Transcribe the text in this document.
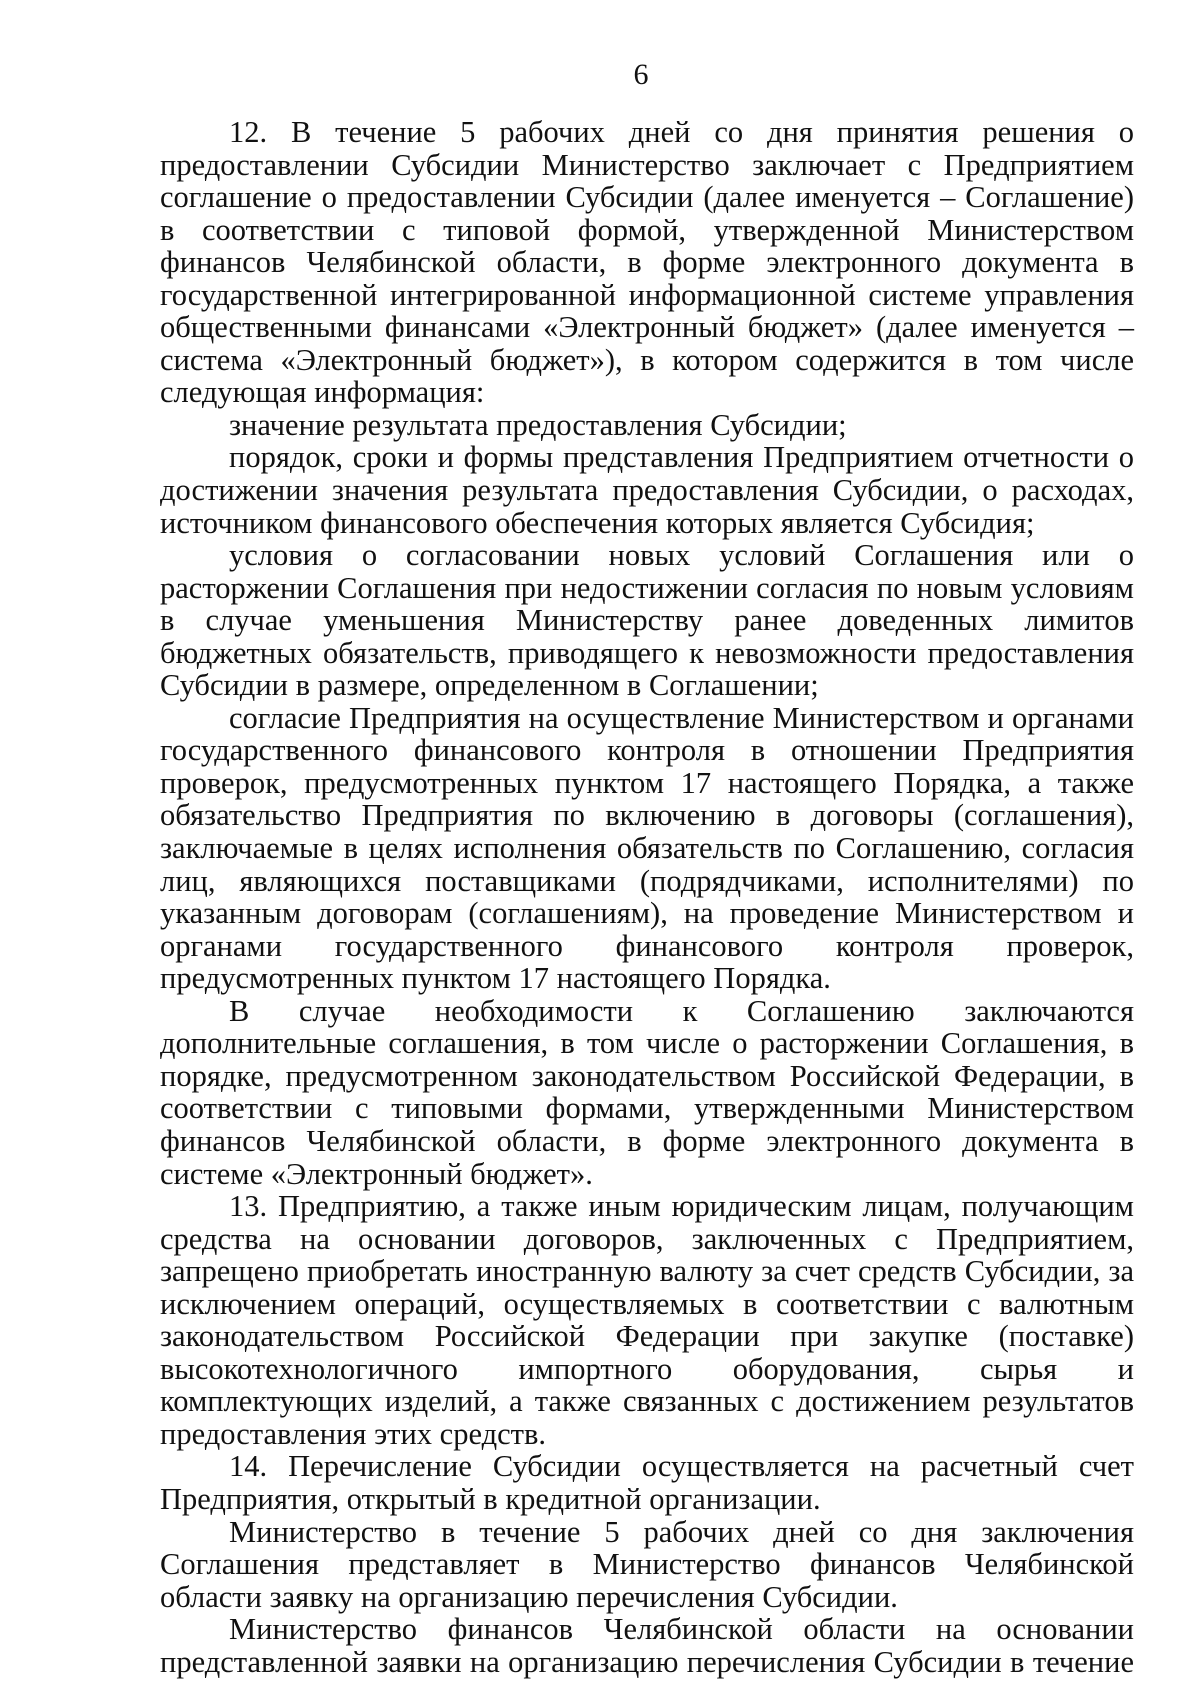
6

12. В течение 5 рабочих дней со дня принятия решения о предоставлении Субсидии Министерство заключает с Предприятием соглашение о предоставлении Субсидии (далее именуется – Соглашение) в соответствии с типовой формой, утвержденной Министерством финансов Челябинской области, в форме электронного документа в государственной интегрированной информационной системе управления общественными финансами «Электронный бюджет» (далее именуется – система «Электронный бюджет»), в котором содержится в том числе следующая информация:

значение результата предоставления Субсидии;

порядок, сроки и формы представления Предприятием отчетности о достижении значения результата предоставления Субсидии, о расходах, источником финансового обеспечения которых является Субсидия;

условия о согласовании новых условий Соглашения или о расторжении Соглашения при недостижении согласия по новым условиям в случае уменьшения Министерству ранее доведенных лимитов бюджетных обязательств, приводящего к невозможности предоставления Субсидии в размере, определенном в Соглашении;

согласие Предприятия на осуществление Министерством и органами государственного финансового контроля в отношении Предприятия проверок, предусмотренных пунктом 17 настоящего Порядка, а также обязательство Предприятия по включению в договоры (соглашения), заключаемые в целях исполнения обязательств по Соглашению, согласия лиц, являющихся поставщиками (подрядчиками, исполнителями) по указанным договорам (соглашениям), на проведение Министерством и органами государственного финансового контроля проверок, предусмотренных пунктом 17 настоящего Порядка.

В случае необходимости к Соглашению заключаются дополнительные соглашения, в том числе о расторжении Соглашения, в порядке, предусмотренном законодательством Российской Федерации, в соответствии с типовыми формами, утвержденными Министерством финансов Челябинской области, в форме электронного документа в системе «Электронный бюджет».

13. Предприятию, а также иным юридическим лицам, получающим средства на основании договоров, заключенных с Предприятием, запрещено приобретать иностранную валюту за счет средств Субсидии, за исключением операций, осуществляемых в соответствии с валютным законодательством Российской Федерации при закупке (поставке) высокотехнологичного импортного оборудования, сырья и комплектующих изделий, а также связанных с достижением результатов предоставления этих средств.

14. Перечисление Субсидии осуществляется на расчетный счет Предприятия, открытый в кредитной организации.

Министерство в течение 5 рабочих дней со дня заключения Соглашения представляет в Министерство финансов Челябинской области заявку на организацию перечисления Субсидии.

Министерство финансов Челябинской области на основании представленной заявки на организацию перечисления Субсидии в течение
